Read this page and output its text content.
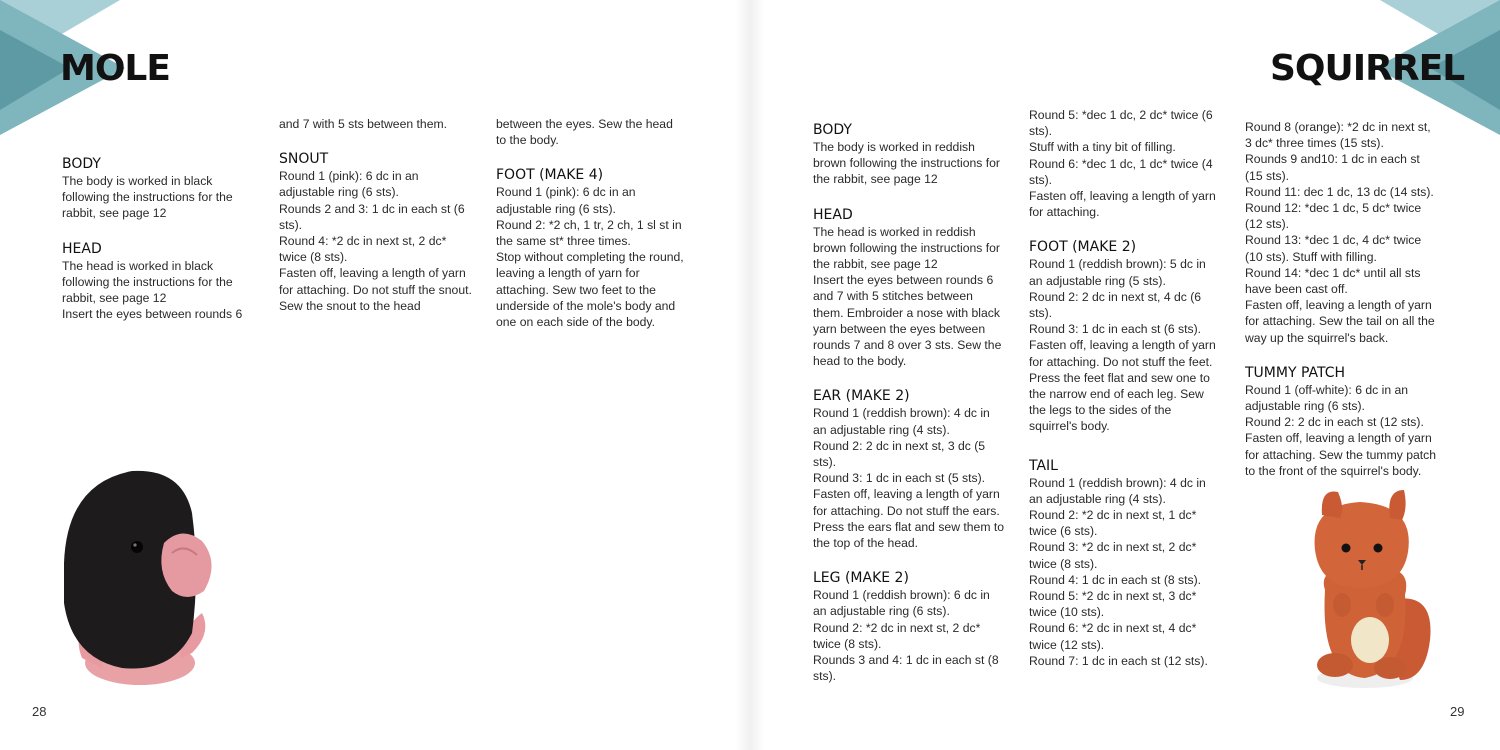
MOLE
BODY
The body is worked in black following the instructions for the rabbit, see page 12
HEAD
The head is worked in black following the instructions for the rabbit, see page 12
Insert the eyes between rounds 6
and 7 with 5 sts between them.
SNOUT
Round 1 (pink): 6 dc in an adjustable ring (6 sts).
Rounds 2 and 3: 1 dc in each st (6 sts).
Round 4: *2 dc in next st, 2 dc* twice (8 sts).
Fasten off, leaving a length of yarn for attaching. Do not stuff the snout. Sew the snout to the head
between the eyes. Sew the head to the body.
FOOT (MAKE 4)
Round 1 (pink): 6 dc in an adjustable ring (6 sts).
Round 2: *2 ch, 1 tr, 2 ch, 1 sl st in the same st* three times.
Stop without completing the round, leaving a length of yarn for attaching. Sew two feet to the underside of the mole's body and one on each side of the body.
28
SQUIRREL
BODY
The body is worked in reddish brown following the instructions for the rabbit, see page 12
HEAD
The head is worked in reddish brown following the instructions for the rabbit, see page 12
Insert the eyes between rounds 6 and 7 with 5 stitches between them. Embroider a nose with black yarn between the eyes between rounds 7 and 8 over 3 sts. Sew the head to the body.
EAR (MAKE 2)
Round 1 (reddish brown): 4 dc in an adjustable ring (4 sts).
Round 2: 2 dc in next st, 3 dc (5 sts).
Round 3: 1 dc in each st (5 sts).
Fasten off, leaving a length of yarn for attaching. Do not stuff the ears. Press the ears flat and sew them to the top of the head.
LEG (MAKE 2)
Round 1 (reddish brown): 6 dc in an adjustable ring (6 sts).
Round 2: *2 dc in next st, 2 dc* twice (8 sts).
Rounds 3 and 4: 1 dc in each st (8 sts).
Round 5: *dec 1 dc, 2 dc* twice (6 sts).
Stuff with a tiny bit of filling.
Round 6: *dec 1 dc, 1 dc* twice (4 sts).
Fasten off, leaving a length of yarn for attaching.
FOOT (MAKE 2)
Round 1 (reddish brown): 5 dc in an adjustable ring (5 sts).
Round 2: 2 dc in next st, 4 dc (6 sts).
Round 3: 1 dc in each st (6 sts).
Fasten off, leaving a length of yarn for attaching. Do not stuff the feet. Press the feet flat and sew one to the narrow end of each leg. Sew the legs to the sides of the squirrel's body.
TAIL
Round 1 (reddish brown): 4 dc in an adjustable ring (4 sts).
Round 2: *2 dc in next st, 1 dc* twice (6 sts).
Round 3: *2 dc in next st, 2 dc* twice (8 sts).
Round 4: 1 dc in each st (8 sts).
Round 5: *2 dc in next st, 3 dc* twice (10 sts).
Round 6: *2 dc in next st, 4 dc* twice (12 sts).
Round 7: 1 dc in each st (12 sts).
Round 8 (orange): *2 dc in next st, 3 dc* three times (15 sts).
Rounds 9 and10: 1 dc in each st (15 sts).
Round 11: dec 1 dc, 13 dc (14 sts).
Round 12: *dec 1 dc, 5 dc* twice (12 sts).
Round 13: *dec 1 dc, 4 dc* twice (10 sts). Stuff with filling.
Round 14: *dec 1 dc* until all sts have been cast off.
Fasten off, leaving a length of yarn for attaching. Sew the tail on all the way up the squirrel's back.
TUMMY PATCH
Round 1 (off-white): 6 dc in an adjustable ring (6 sts).
Round 2: 2 dc in each st (12 sts).
Fasten off, leaving a length of yarn for attaching. Sew the tummy patch to the front of the squirrel's body.
29
